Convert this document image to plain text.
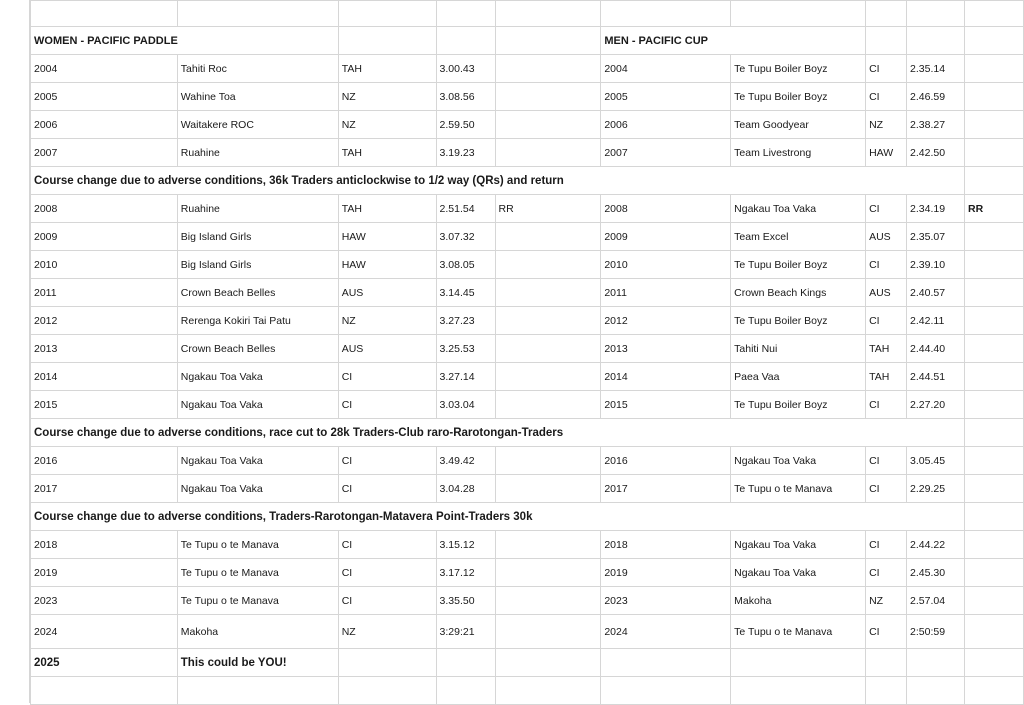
WOMEN - PACIFIC PADDLE					MEN - PACIFIC CUP				
2004	Tahiti Roc	TAH	3.00.43		2004	Te Tupu Boiler Boyz	CI	2.35.14	
2005	Wahine Toa	NZ	3.08.56		2005	Te Tupu Boiler Boyz	CI	2.46.59	
2006	Waitakere ROC	NZ	2.59.50		2006	Team Goodyear	NZ	2.38.27	
2007	Ruahine	TAH	3.19.23		2007	Team Livestrong	HAW	2.42.50	
Course change due to adverse conditions, 36k Traders anticlockwise to 1/2 way (QRs) and return									
2008	Ruahine	TAH	2.51.54	RR	2008	Ngakau Toa Vaka	CI	2.34.19	RR
2009	Big Island Girls	HAW	3.07.32		2009	Team Excel	AUS	2.35.07	
2010	Big Island Girls	HAW	3.08.05		2010	Te Tupu Boiler Boyz	CI	2.39.10	
2011	Crown Beach Belles	AUS	3.14.45		2011	Crown Beach Kings	AUS	2.40.57	
2012	Rerenga Kokiri Tai Patu	NZ	3.27.23		2012	Te Tupu Boiler Boyz	CI	2.42.11	
2013	Crown Beach Belles	AUS	3.25.53		2013	Tahiti Nui	TAH	2.44.40	
2014	Ngakau Toa Vaka	CI	3.27.14		2014	Paea Vaa	TAH	2.44.51	
2015	Ngakau Toa Vaka	CI	3.03.04		2015	Te Tupu Boiler Boyz	CI	2.27.20	
Course change due to adverse conditions, race cut to 28k Traders-Club raro-Rarotongan-Traders									
2016	Ngakau Toa Vaka	CI	3.49.42		2016	Ngakau Toa Vaka	CI	3.05.45	
2017	Ngakau Toa Vaka	CI	3.04.28		2017	Te Tupu o te Manava	CI	2.29.25	
Course change due to adverse conditions, Traders-Rarotongan-Matavera Point-Traders 30k									
2018	Te Tupu o te Manava	CI	3.15.12		2018	Ngakau Toa Vaka	CI	2.44.22	
2019	Te Tupu o te Manava	CI	3.17.12		2019	Ngakau Toa Vaka	CI	2.45.30	
2023	Te Tupu o te Manava	CI	3.35.50		2023	Makoha	NZ	2.57.04	
2024	Makoha	NZ	3:29:21		2024	Te Tupu o te Manava	CI	2:50:59	
2025	This could be YOU!								
